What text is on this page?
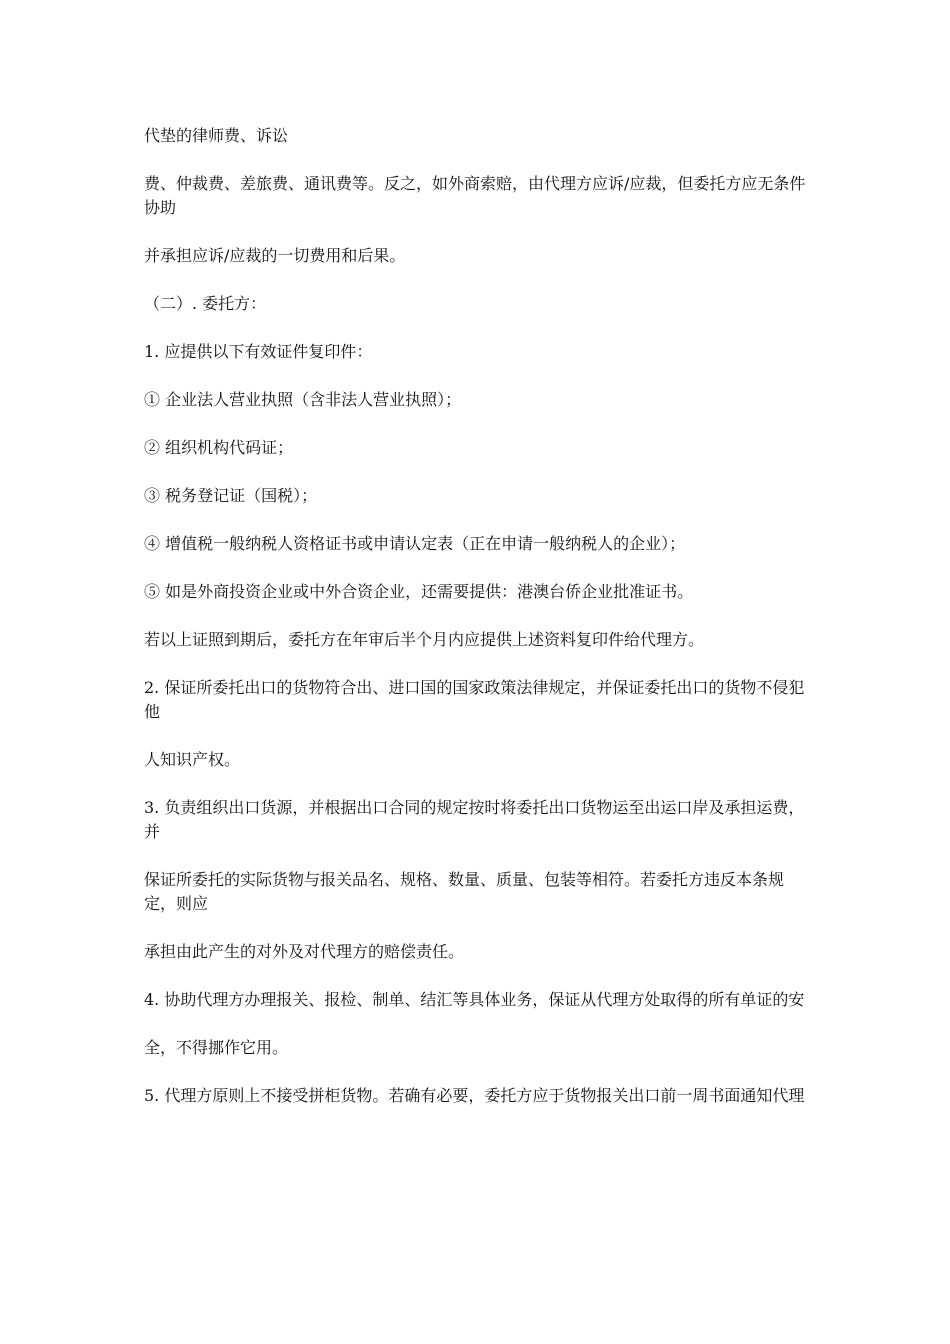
代垫的律师费、诉讼

费、仲裁费、差旅费、通讯费等。反之，如外商索赔，由代理方应诉/应裁，但委托方应无条件协助

并承担应诉/应裁的一切费用和后果。

（二）. 委托方：

1. 应提供以下有效证件复印件：

① 企业法人营业执照（含非法人营业执照）；

② 组织机构代码证；

③ 税务登记证（国税）；

④ 增值税一般纳税人资格证书或申请认定表（正在申请一般纳税人的企业）；

⑤ 如是外商投资企业或中外合资企业，还需要提供：港澳台侨企业批准证书。

若以上证照到期后，委托方在年审后半个月内应提供上述资料复印件给代理方。

2. 保证所委托出口的货物符合出、进口国的国家政策法律规定，并保证委托出口的货物不侵犯他

人知识产权。

3. 负责组织出口货源，并根据出口合同的规定按时将委托出口货物运至出运口岸及承担运费，并

保证所委托的实际货物与报关品名、规格、数量、质量、包装等相符。若委托方违反本条规定，则应

承担由此产生的对外及对代理方的赔偿责任。

4. 协助代理方办理报关、报检、制单、结汇等具体业务，保证从代理方处取得的所有单证的安

全，不得挪作它用。

5. 代理方原则上不接受拼柜货物。若确有必要，委托方应于货物报关出口前一周书面通知代理
